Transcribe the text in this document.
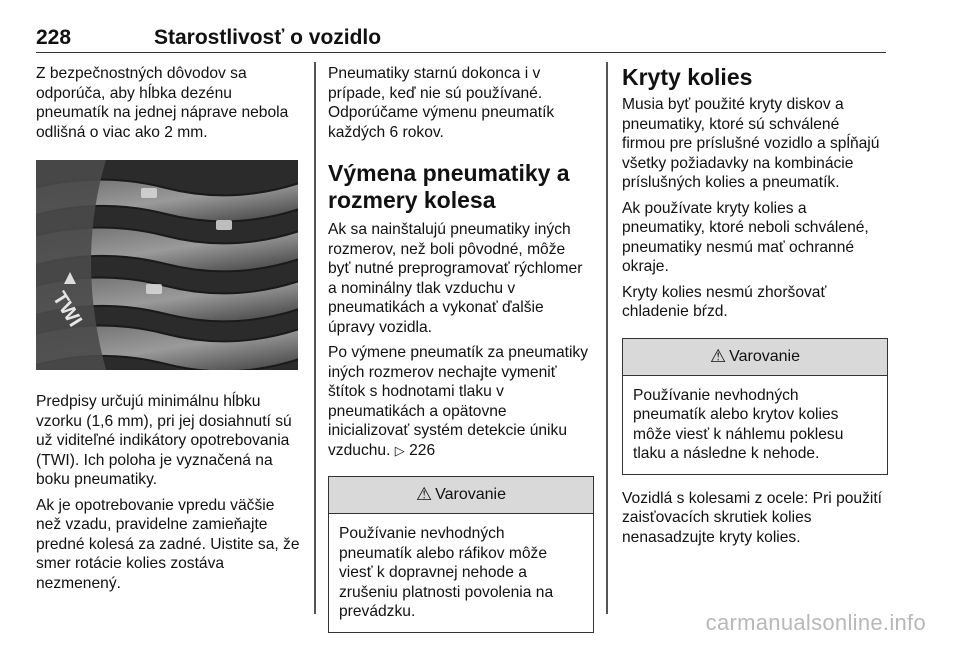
228	Starostlivosť o vozidlo

Z bezpečnostných dôvodov sa
odporúča, aby hĺbka dezénu
pneumatík na jednej náprave nebola
odlišná o viac ako 2 mm.

TWI

Predpisy určujú minimálnu hĺbku
vzorku (1,6 mm), pri jej dosiahnutí sú
už viditeľné indikátory opotrebovania
(TWI). Ich poloha je vyznačená na
boku pneumatiky.

Ak je opotrebovanie vpredu väčšie
než vzadu, pravidelne zamieňajte
predné kolesá za zadné. Uistite sa, že
smer rotácie kolies zostáva
nezmenený.

Pneumatiky starnú dokonca i v
prípade, keď nie sú používané.
Odporúčame výmenu pneumatík
každých 6 rokov.

Výmena pneumatiky a
rozmery kolesa

Ak sa nainštalujú pneumatiky iných
rozmerov, než boli pôvodné, môže
byť nutné preprogramovať rýchlomer
a nominálny tlak vzduchu v
pneumatikách a vykonať ďalšie
úpravy vozidla.

Po výmene pneumatík za pneumatiky
iných rozmerov nechajte vymeniť
štítok s hodnotami tlaku v
pneumatikách a opätovne
inicializovať systém detekcie úniku
vzduchu. ▷ 226

⚠ Varovanie
Používanie nevhodných
pneumatík alebo ráfikov môže
viesť k dopravnej nehode a
zrušeniu platnosti povolenia na
prevádzku.
Kryty kolies

Musia byť použité kryty diskov a
pneumatiky, ktoré sú schválené
firmou pre príslušné vozidlo a spĺňajú
všetky požiadavky na kombinácie
príslušných kolies a pneumatík.

Ak používate kryty kolies a
pneumatiky, ktoré neboli schválené,
pneumatiky nesmú mať ochranné
okraje.

Kryty kolies nesmú zhoršovať
chladenie bŕzd.

⚠ Varovanie
Používanie nevhodných
pneumatík alebo krytov kolies
môže viesť k náhlemu poklesu
tlaku a následne k nehode.

Vozidlá s kolesami z ocele: Pri použití
zaisťovacích skrutiek kolies
nenasadzujte kryty kolies.

carmanualsonline.info
